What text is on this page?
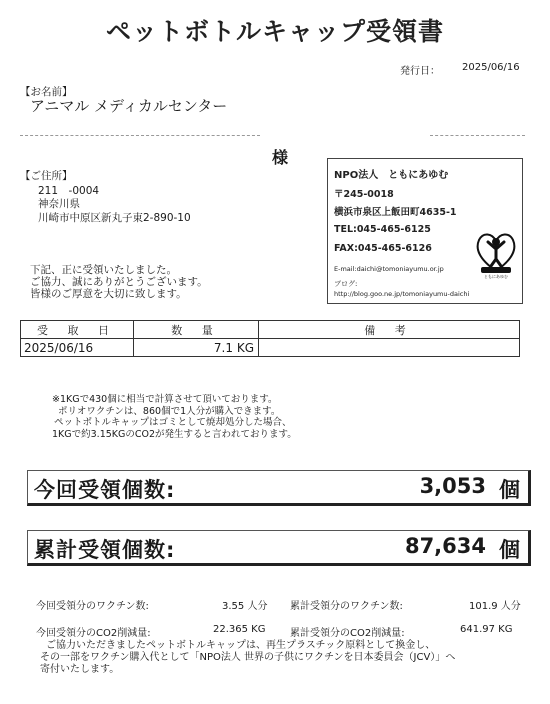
ペットボトルキャップ受領書
発行日： 2025/06/16
【お名前】
アニマル メディカルセンター
様
【ご住所】
211　-0004
神奈川県
川崎市中原区新丸子東2-890-10
下記、正に受領いたしました。
ご協力、誠にありがとうございます。
皆様のご厚意を大切に致します。
NPO法人　ともにあゆむ
〒245-0018
横浜市泉区上飯田町4635-1
TEL:045-465-6125
FAX:045-465-6126
E-mail:daichi@tomoniayumu.or.jp
ブログ:
http://blog.goo.ne.jp/tomoniayumu-daichi
ともにあゆむ
受 取 日	数 量	備 考
2025/06/16	7.1 KG	
※1KGで430個に相当で計算させて頂いております。
ポリオワクチンは、860個で1人分が購入できます。
ペットボトルキャップはゴミとして焼却処分した場合、
1KGで約3.15KGのCO2が発生すると言われております。
今回受領個数:	3,053 個
累計受領個数:	87,634 個
今回受領分のワクチン数:	3.55 人分 累計受領分のワクチン数:	101.9 人分
今回受領分のCO2削減量:	22.365 KG 累計受領分のCO2削減量:	641.97 KG
ご協力いただきましたペットボトルキャップは、再生プラスチック原料として換金し、
その一部をワクチン購入代として「NPO法人 世界の子供にワクチンを日本委員会（JCV）」へ
寄付いたします。
